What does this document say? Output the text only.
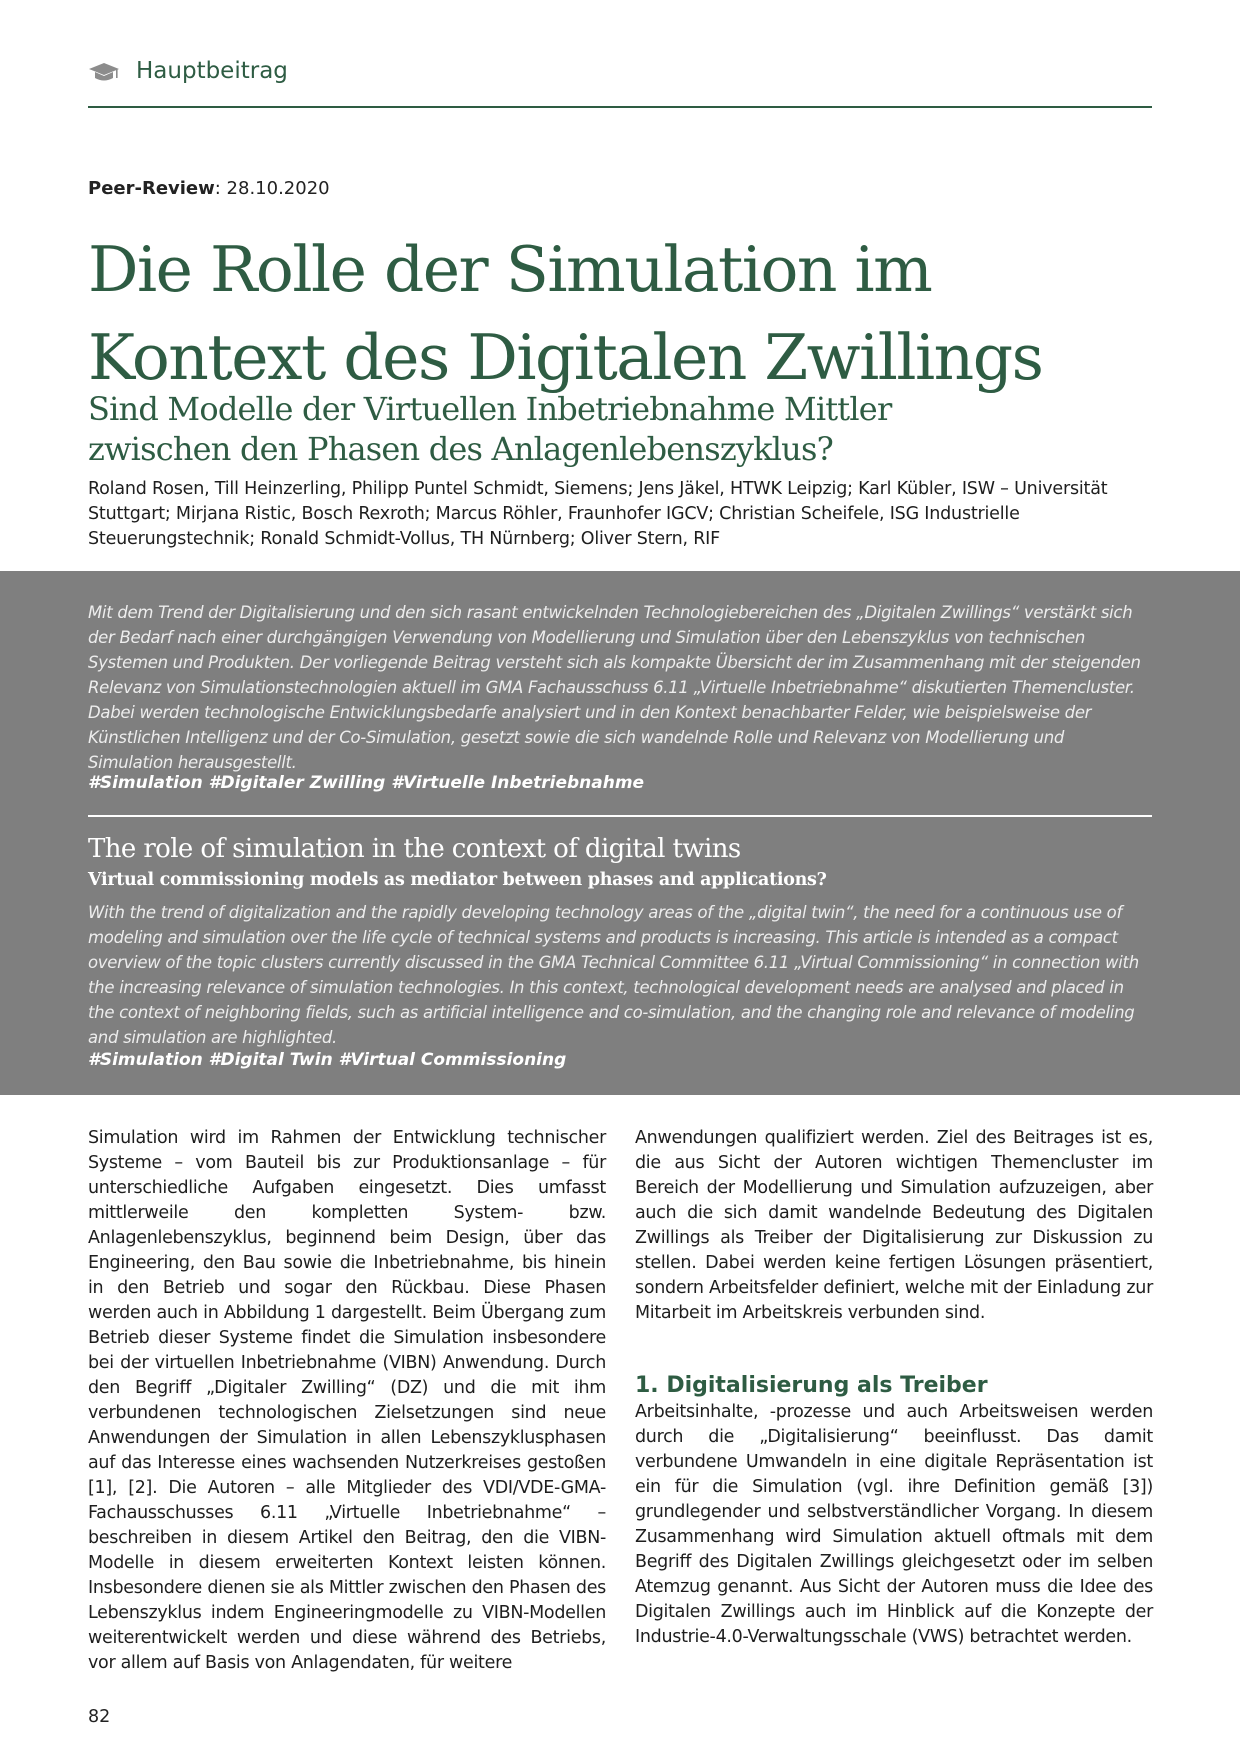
Hauptbeitrag
Peer-Review: 28.10.2020
Die Rolle der Simulation im
Kontext des Digitalen Zwillings
Sind Modelle der Virtuellen Inbetriebnahme Mittler
zwischen den Phasen des Anlagenlebenszyklus?

Roland Rosen, Till Heinzerling, Philipp Puntel Schmidt, Siemens; Jens Jäkel, HTWK Leipzig; Karl Kübler, ISW – Universität Stuttgart; Mirjana Ristic, Bosch Rexroth; Marcus Röhler, Fraunhofer IGCV; Christian Scheifele, ISG Industrielle Steuerungstechnik; Ronald Schmidt-Vollus, TH Nürnberg; Oliver Stern, RIF

Mit dem Trend der Digitalisierung und den sich rasant entwickelnden Technologiebereichen des „Digitalen Zwillings“ verstärkt sich der Bedarf nach einer durchgängigen Verwendung von Modellierung und Simulation über den Lebenszyklus von technischen Systemen und Produkten. Der vorliegende Beitrag versteht sich als kompakte Übersicht der im Zusammenhang mit der steigenden Relevanz von Simulationstechnologien aktuell im GMA Fachausschuss 6.11 „Virtuelle Inbetriebnahme“ diskutierten Themencluster. Dabei werden technologische Entwicklungsbedarfe analysiert und in den Kontext benachbarter Felder, wie beispielsweise der Künstlichen Intelligenz und der Co-Simulation, gesetzt sowie die sich wandelnde Rolle und Relevanz von Modellierung und Simulation herausgestellt.

#Simulation #Digitaler Zwilling #Virtuelle Inbetriebnahme

The role of simulation in the context of digital twins

Virtual commissioning models as mediator between phases and applications?

With the trend of digitalization and the rapidly developing technology areas of the „digital twin“, the need for a continuous use of modeling and simulation over the life cycle of technical systems and products is increasing. This article is intended as a compact overview of the topic clusters currently discussed in the GMA Technical Committee 6.11 „Virtual Commissioning“ in connection with the increasing relevance of simulation technologies. In this context, technological development needs are analysed and placed in the context of neighboring fields, such as artificial intelligence and co-simulation, and the changing role and relevance of modeling and simulation are highlighted.

#Simulation #Digital Twin #Virtual Commissioning

Simulation wird im Rahmen der Entwicklung technischer Systeme – vom Bauteil bis zur Produktionsanlage – für unterschiedliche Aufgaben eingesetzt. Dies umfasst mittlerweile den kompletten System- bzw. Anlagenlebenszyklus, beginnend beim Design, über das Engineering, den Bau sowie die Inbetriebnahme, bis hinein in den Betrieb und sogar den Rückbau. Diese Phasen werden auch in Abbildung 1 dargestellt. Beim Übergang zum Betrieb dieser Systeme findet die Simulation insbesondere bei der virtuellen Inbetriebnahme (VIBN) Anwendung. Durch den Begriff „Digitaler Zwilling“ (DZ) und die mit ihm verbundenen technologischen Zielsetzungen sind neue Anwendungen der Simulation in allen Lebenszyklusphasen auf das Interesse eines wachsenden Nutzerkreises gestoßen [1], [2]. Die Autoren – alle Mitglieder des VDI/VDE-GMA-Fachausschusses 6.11 „Virtuelle Inbetriebnahme“ – beschreiben in diesem Artikel den Beitrag, den die VIBN-Modelle in diesem erweiterten Kontext leisten können. Insbesondere dienen sie als Mittler zwischen den Phasen des Lebenszyklus indem Engineeringmodelle zu VIBN-Modellen weiterentwickelt werden und diese während des Betriebs, vor allem auf Basis von Anlagendaten, für weitere

Anwendungen qualifiziert werden. Ziel des Beitrages ist es, die aus Sicht der Autoren wichtigen Themencluster im Bereich der Modellierung und Simulation aufzuzeigen, aber auch die sich damit wandelnde Bedeutung des Digitalen Zwillings als Treiber der Digitalisierung zur Diskussion zu stellen. Dabei werden keine fertigen Lösungen präsentiert, sondern Arbeitsfelder definiert, welche mit der Einladung zur Mitarbeit im Arbeitskreis verbunden sind.

1. Digitalisierung als Treiber

Arbeitsinhalte, -prozesse und auch Arbeitsweisen werden durch die „Digitalisierung“ beeinflusst. Das damit verbundene Umwandeln in eine digitale Repräsentation ist ein für die Simulation (vgl. ihre Definition gemäß [3]) grundlegender und selbstverständlicher Vorgang. In diesem Zusammenhang wird Simulation aktuell oftmals mit dem Begriff des Digitalen Zwillings gleichgesetzt oder im selben Atemzug genannt. Aus Sicht der Autoren muss die Idee des Digitalen Zwillings auch im Hinblick auf die Konzepte der Industrie-4.0-Verwaltungsschale (VWS) betrachtet werden.

82
